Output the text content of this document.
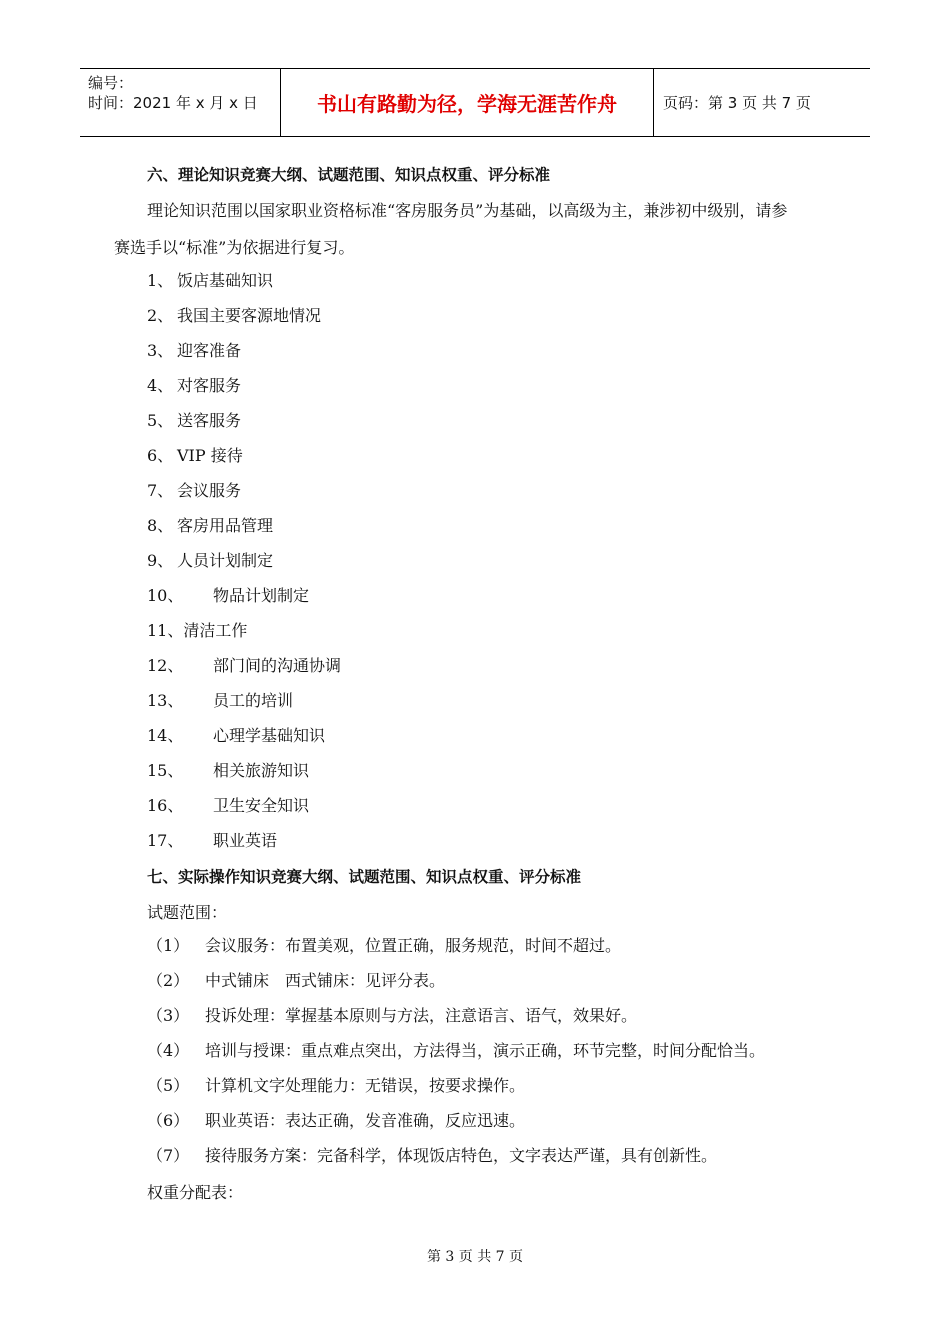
编号：
时间：2021 年 x 月 x 日	书山有路勤为径，学海无涯苦作舟	页码：第 3 页 共 7 页
六、理论知识竞赛大纲、试题范围、知识点权重、评分标准
理论知识范围以国家职业资格标准“客房服务员”为基础，以高级为主，兼涉初中级别，请参
赛选手以“标准”为依据进行复习。
1、 饭店基础知识
2、 我国主要客源地情况
3、 迎客准备
4、 对客服务
5、 送客服务
6、 VIP 接待
7、 会议服务
8、 客房用品管理
9、 人员计划制定
10、 物品计划制定
11、清洁工作
12、 部门间的沟通协调
13、 员工的培训
14、 心理学基础知识
15、 相关旅游知识
16、 卫生安全知识
17、 职业英语
七、实际操作知识竞赛大纲、试题范围、知识点权重、评分标准
试题范围：
（1） 会议服务：布置美观，位置正确，服务规范，时间不超过。
（2） 中式铺床　西式铺床：见评分表。
（3） 投诉处理：掌握基本原则与方法，注意语言、语气，效果好。
（4） 培训与授课：重点难点突出，方法得当，演示正确，环节完整，时间分配恰当。
（5） 计算机文字处理能力：无错误，按要求操作。
（6） 职业英语：表达正确，发音准确，反应迅速。
（7） 接待服务方案：完备科学，体现饭店特色，文字表达严谨，具有创新性。
权重分配表：
第 3 页 共 7 页
